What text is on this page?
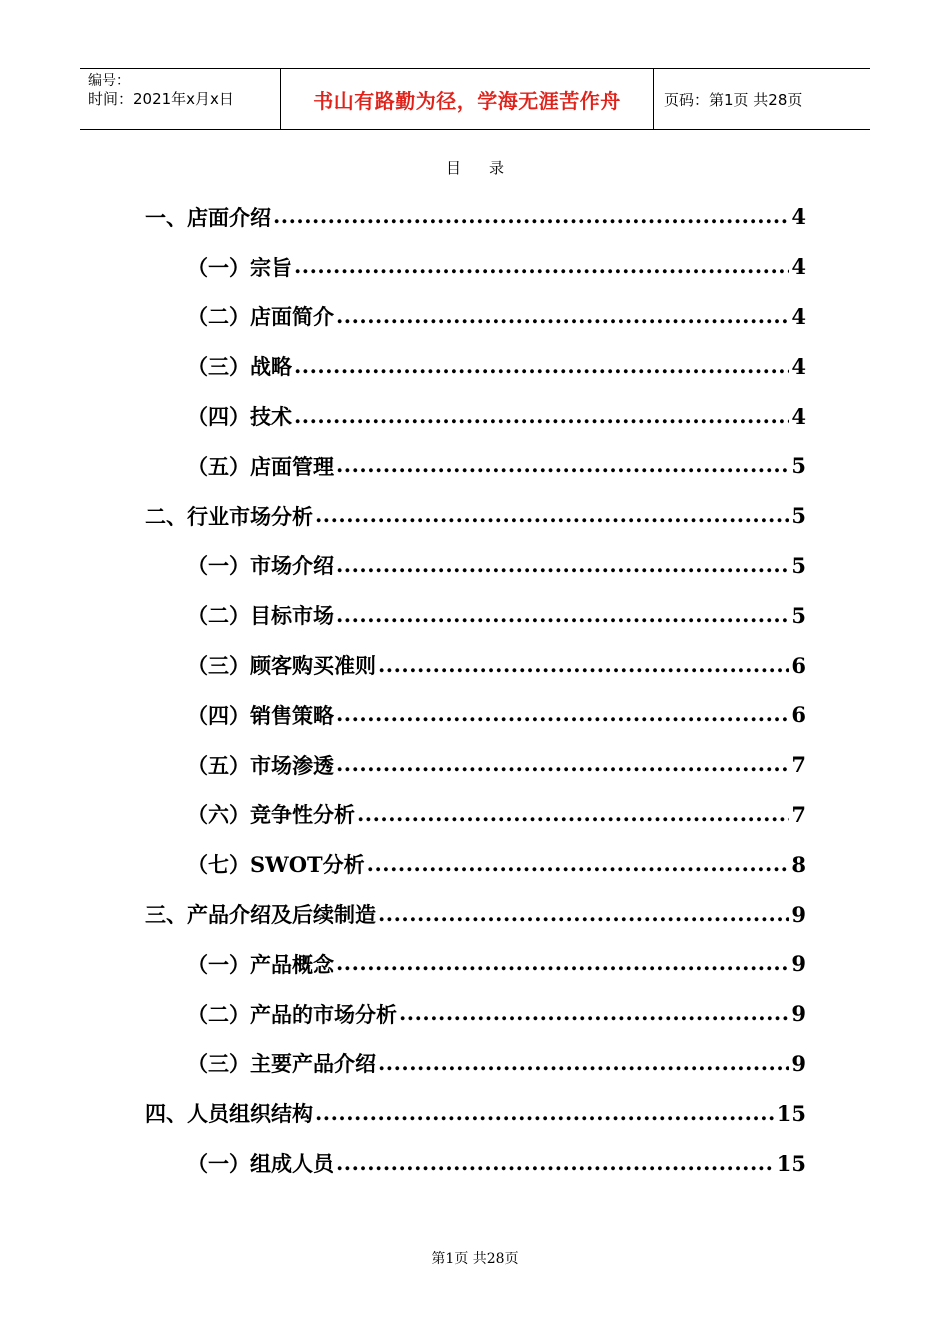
编号：
时间：2021年x月x日	书山有路勤为径，学海无涯苦作舟	页码：第1页 共28页
目录
一、店面介绍 .....	4
（一）宗旨 .....	4
（二）店面简介 .....	4
（三）战略 .....	4
（四）技术 .....	4
（五）店面管理 .....	5
二、行业市场分析 .....	5
（一）市场介绍 .....	5
（二）目标市场 .....	5
（三）顾客购买准则 .....	6
（四）销售策略 .....	6
（五）市场渗透 .....	7
（六）竞争性分析 .....	7
（七）SWOT分析 .....	8
三、产品介绍及后续制造 .....	9
（一）产品概念 .....	9
（二）产品的市场分析 .....	9
（三）主要产品介绍 .....	9
四、人员组织结构 .....	15
（一）组成人员 .....	15
第1页 共28页
